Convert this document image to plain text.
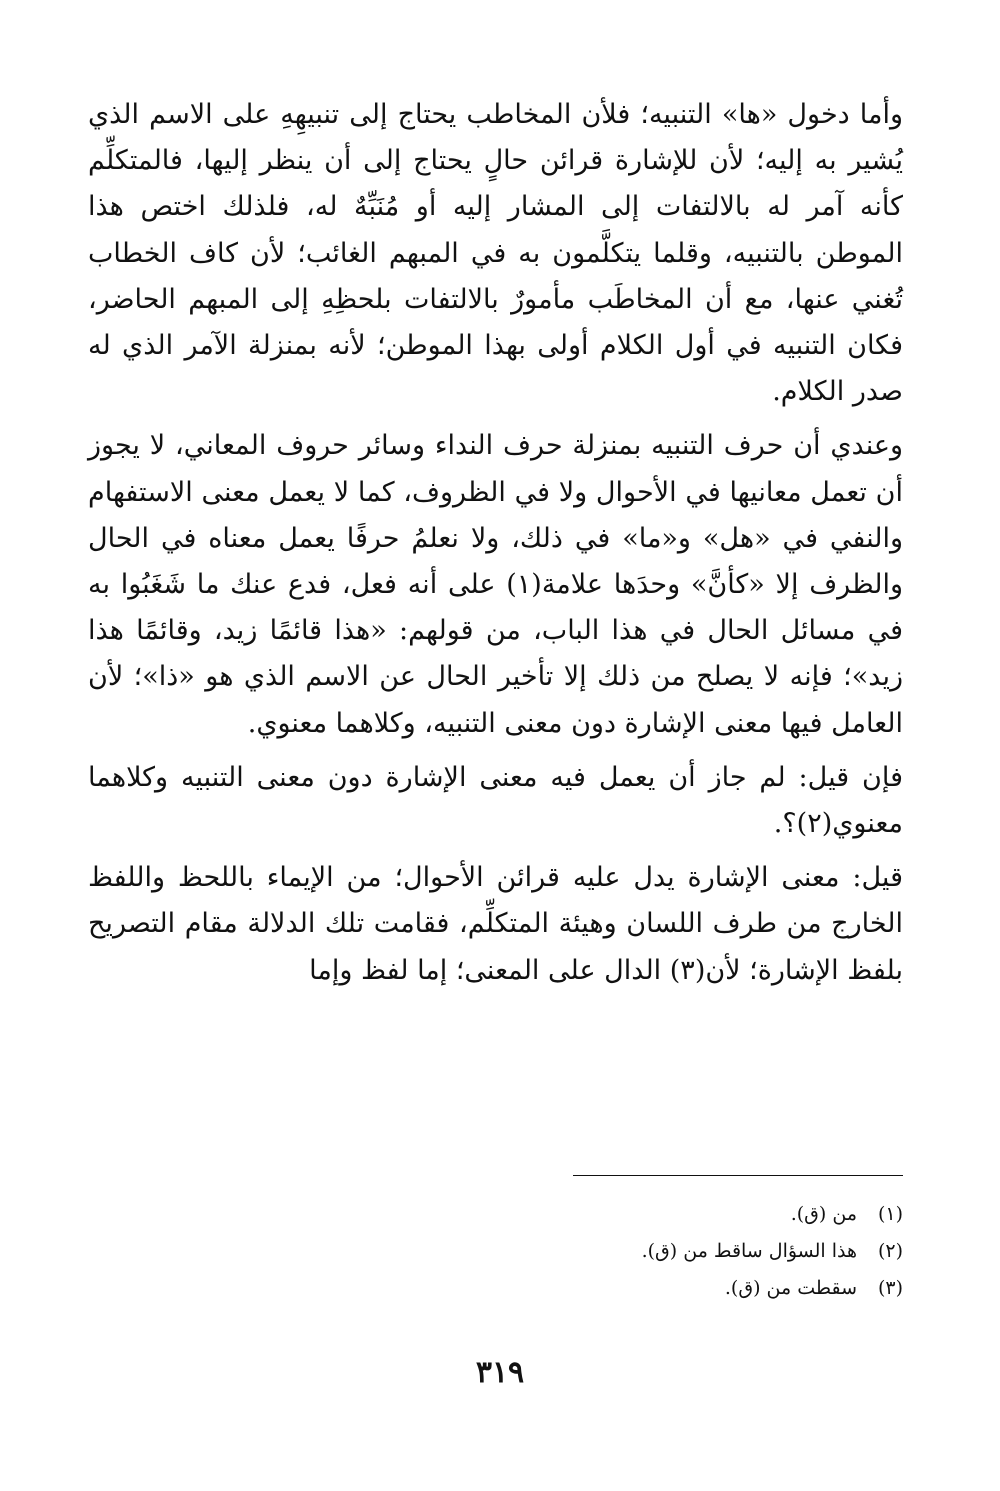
وأما دخول «ها» التنبيه؛ فلأن المخاطب يحتاج إلى تنبيهِهِ على الاسم الذي يُشير به إليه؛ لأن للإشارة قرائن حالٍ يحتاج إلى أن ينظر إليها، فالمتكلِّم كأنه آمر له بالالتفات إلى المشار إليه أو مُنَبِّهٌ له، فلذلك اختص هذا الموطن بالتنبيه، وقلما يتكلَّمون به في المبهم الغائب؛ لأن كاف الخطاب تُغني عنها، مع أن المخاطَب مأمورٌ بالالتفات بلحظِهِ إلى المبهم الحاضر، فكان التنبيه في أول الكلام أولى بهذا الموطن؛ لأنه بمنزلة الآمر الذي له صدر الكلام.

وعندي أن حرف التنبيه بمنزلة حرف النداء وسائر حروف المعاني، لا يجوز أن تعمل معانيها في الأحوال ولا في الظروف، كما لا يعمل معنى الاستفهام والنفي في «هل» و«ما» في ذلك، ولا نعلمُ حرفًا يعمل معناه في الحال والظرف إلا «كأنَّ» وحدَها علامة(١) على أنه فعل، فدع عنك ما شَغَبُوا به في مسائل الحال في هذا الباب، من قولهم: «هذا قائمًا زيد، وقائمًا هذا زيد»؛ فإنه لا يصلح من ذلك إلا تأخير الحال عن الاسم الذي هو «ذا»؛ لأن العامل فيها معنى الإشارة دون معنى التنبيه، وكلاهما معنوي.

فإن قيل: لم جاز أن يعمل فيه معنى الإشارة دون معنى التنبيه وكلاهما معنوي(٢)؟.

قيل: معنى الإشارة يدل عليه قرائن الأحوال؛ من الإيماء باللحظ واللفظ الخارج من طرف اللسان وهيئة المتكلِّم، فقامت تلك الدلالة مقام التصريح بلفظ الإشارة؛ لأن(٣) الدال على المعنى؛ إما لفظ وإما

(١)من (ق).
(٢)هذا السؤال ساقط من (ق).
(٣)سقطت من (ق).
٣١٩
